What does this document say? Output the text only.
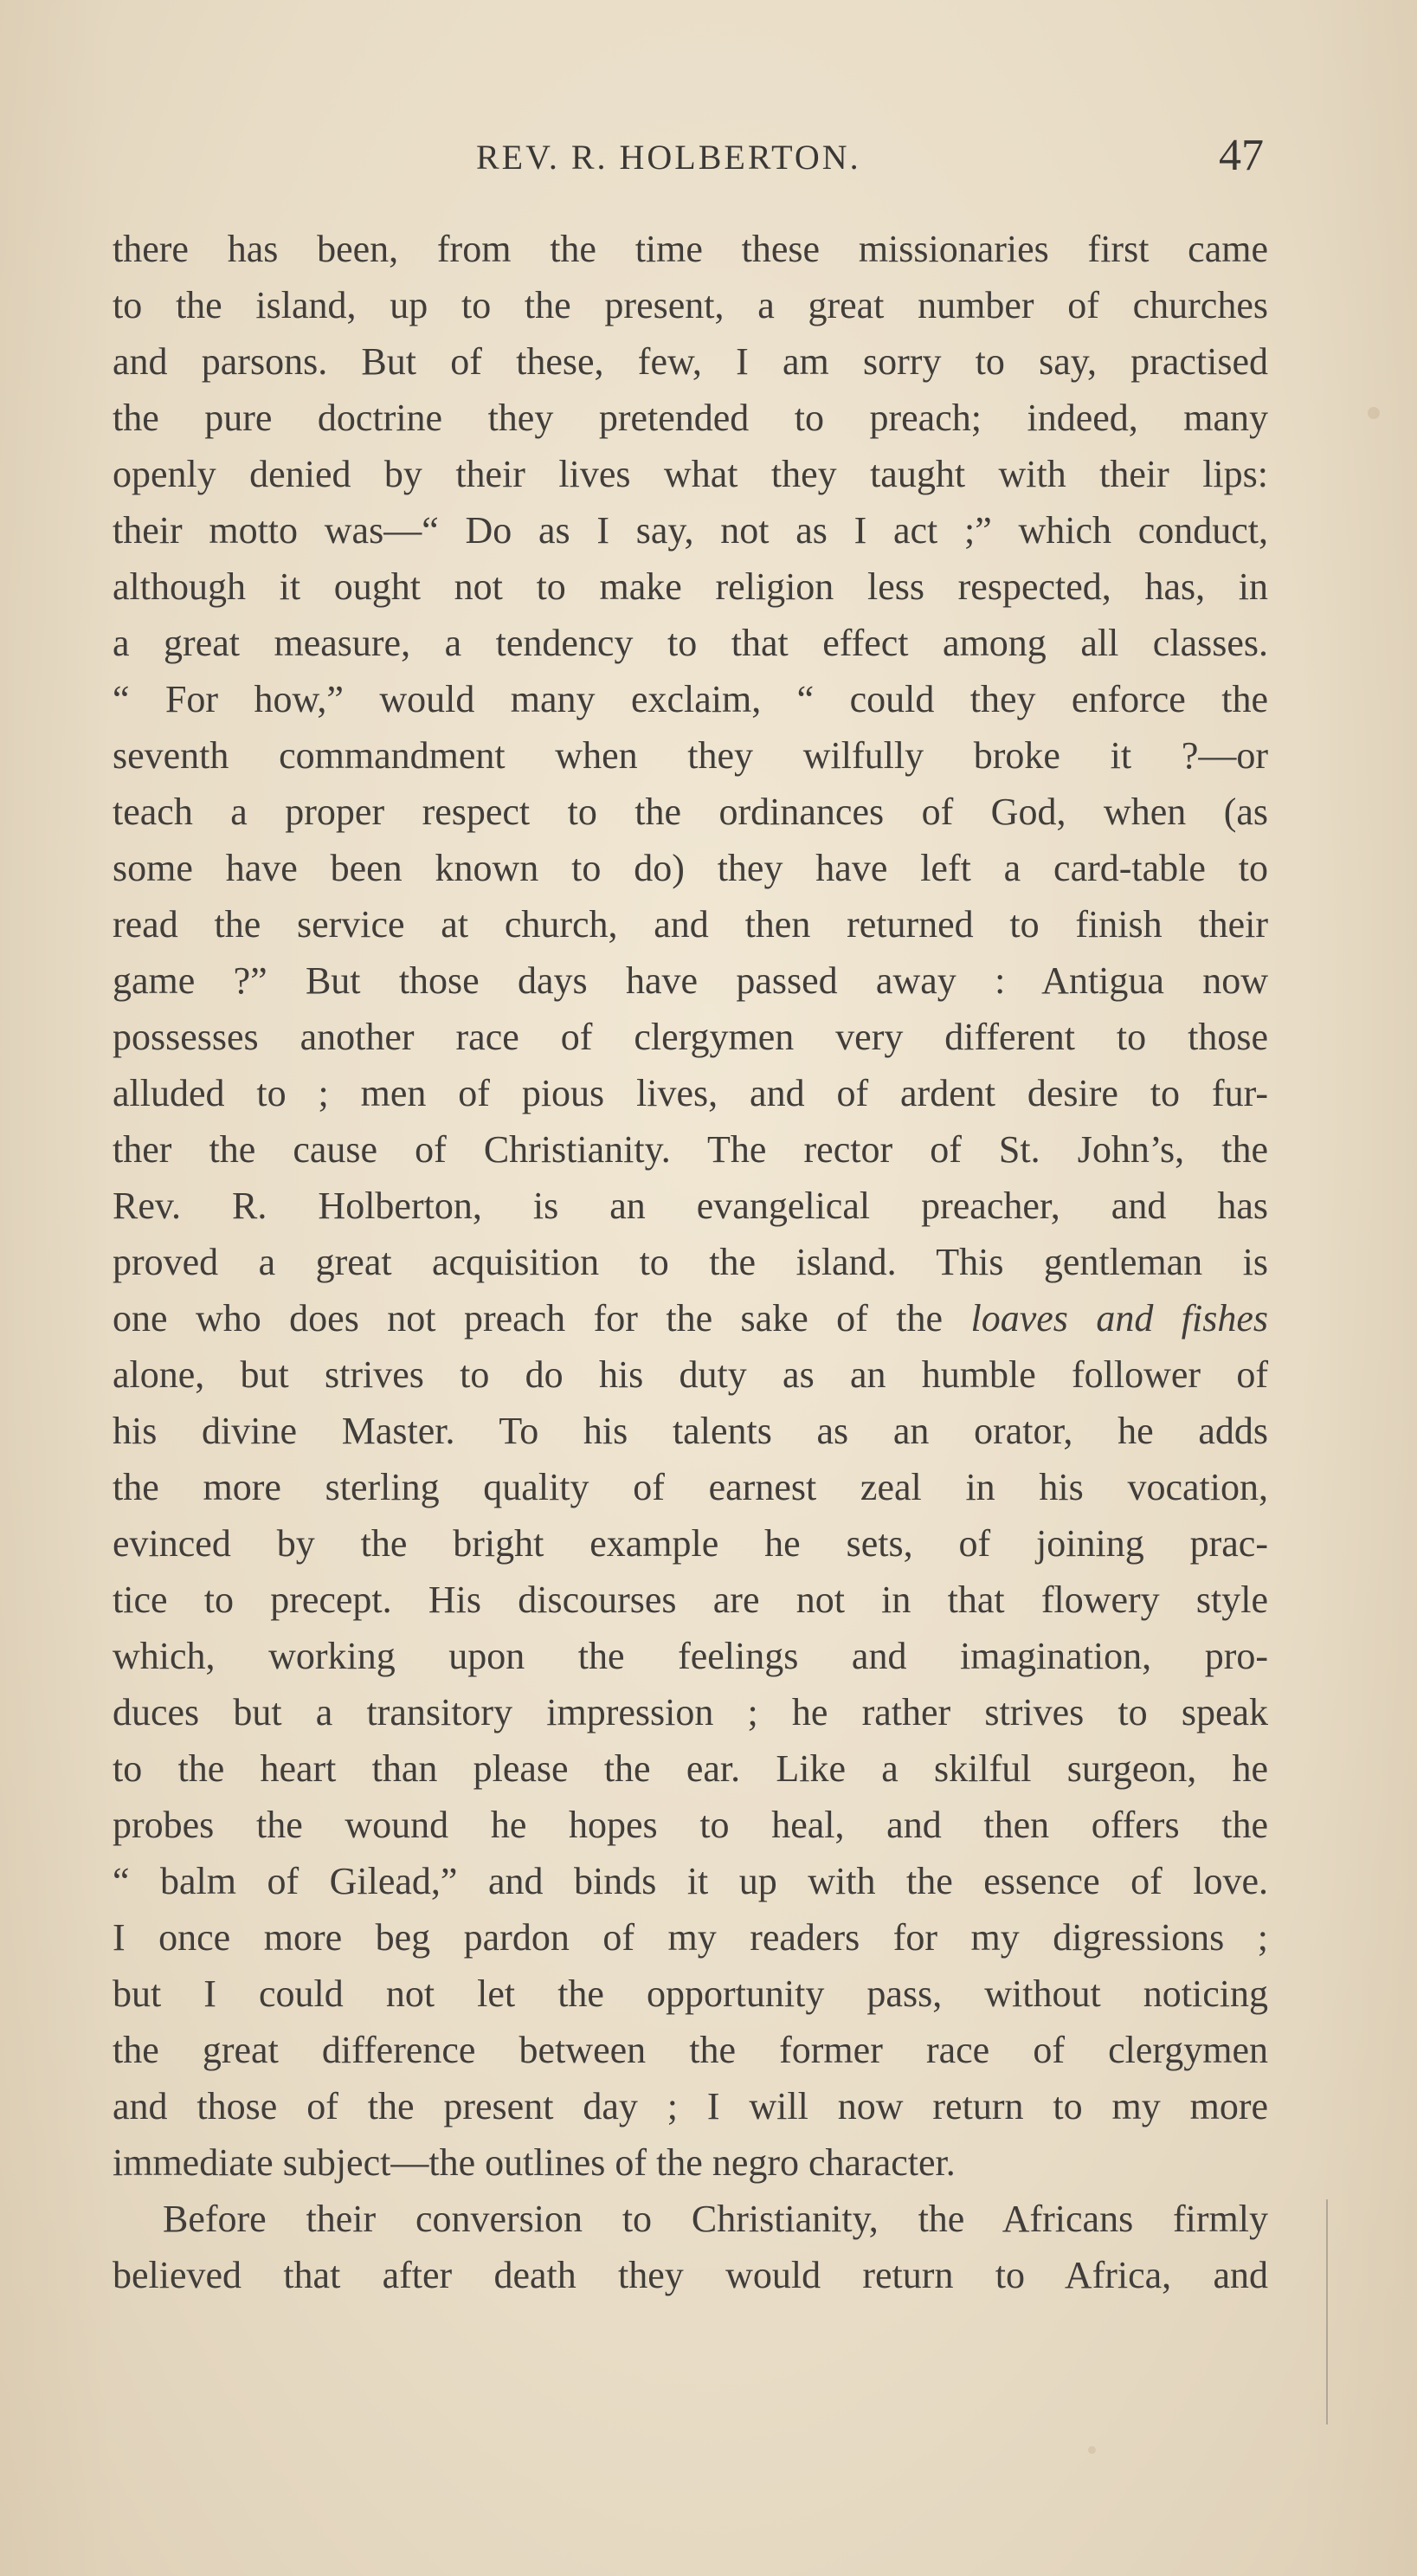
REV. R. HOLBERTON.	47
there has been, from the time these missionaries first came
to the island, up to the present, a great number of churches
and parsons. But of these, few, I am sorry to say, practised
the pure doctrine they pretended to preach; indeed, many
openly denied by their lives what they taught with their lips:
their motto was—“ Do as I say, not as I act ;” which conduct,
although it ought not to make religion less respected, has, in
a great measure, a tendency to that effect among all classes.
“ For how,” would many exclaim, “ could they enforce the
seventh commandment when they wilfully broke it ?—or
teach a proper respect to the ordinances of God, when (as
some have been known to do) they have left a card-table to
read the service at church, and then returned to finish their
game ?” But those days have passed away : Antigua now
possesses another race of clergymen very different to those
alluded to ; men of pious lives, and of ardent desire to fur-
ther the cause of Christianity. The rector of St. John’s, the
Rev. R. Holberton, is an evangelical preacher, and has
proved a great acquisition to the island. This gentleman is
one who does not preach for the sake of the loaves and fishes
alone, but strives to do his duty as an humble follower of
his divine Master. To his talents as an orator, he adds
the more sterling quality of earnest zeal in his vocation,
evinced by the bright example he sets, of joining prac-
tice to precept. His discourses are not in that flowery style
which, working upon the feelings and imagination, pro-
duces but a transitory impression ; he rather strives to speak
to the heart than please the ear. Like a skilful surgeon, he
probes the wound he hopes to heal, and then offers the
“ balm of Gilead,” and binds it up with the essence of love.
I once more beg pardon of my readers for my digressions ;
but I could not let the opportunity pass, without noticing
the great difference between the former race of clergymen
and those of the present day ; I will now return to my more
immediate subject—the outlines of the negro character.
Before their conversion to Christianity, the Africans firmly
believed that after death they would return to Africa, and
